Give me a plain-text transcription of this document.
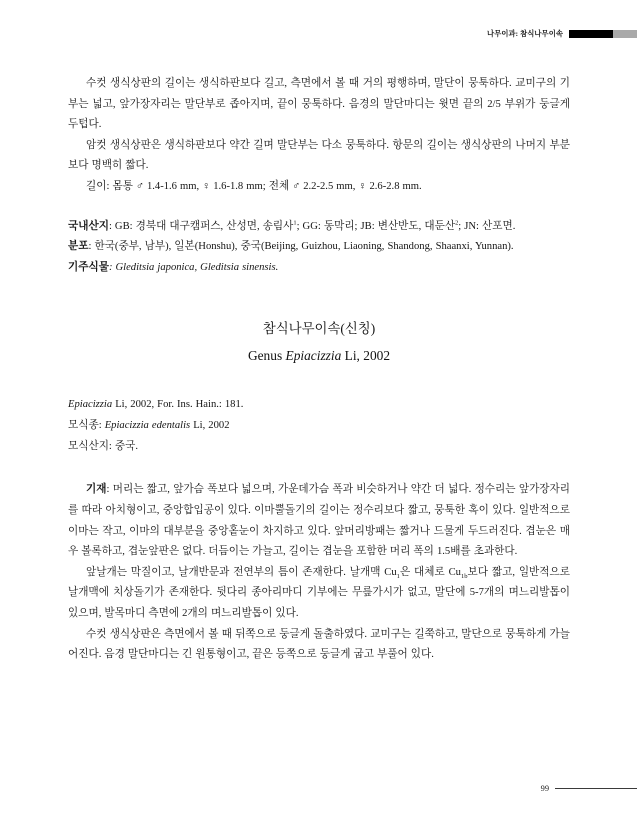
나무이과: 참식나무이속

수컷 생식상판의 길이는 생식하판보다 길고, 측면에서 볼 때 거의 평행하며, 말단이 뭉툭하다. 교미구의 기부는 넓고, 앞가장자리는 말단부로 좁아지며, 끝이 뭉툭하다. 음경의 말단마디는 윗면 끝의 2/5 부위가 둥글게 두텁다.

암컷 생식상판은 생식하판보다 약간 길며 말단부는 다소 뭉툭하다. 항문의 길이는 생식상판의 나머지 부분 보다 명백히 짧다.

길이: 몸통 ♂ 1.4-1.6 mm, ♀ 1.6-1.8 mm; 전체 ♂ 2.2-2.5 mm, ♀ 2.6-2.8 mm.

국내산지: GB: 경북대 대구캠퍼스, 산성면, 송림사$^1$; GG: 동막리; JB: 변산반도, 대둔산$^2$; JN: 산포면.

분포: 한국(중부, 남부), 일본(Honshu), 중국(Beijing, Guizhou, Liaoning, Shandong, Shaanxi, Yunnan).

기주식물: Gleditsia japonica, Gleditsia sinensis.

참식나무이속(신칭)
Genus Epiacizzia Li, 2002

Epiacizzia Li, 2002, For. Ins. Hain.: 181.

모식종: Epiacizzia edentalis Li, 2002

모식산지: 중국.

기재: 머리는 짧고, 앞가슴 폭보다 넓으며, 가운데가슴 폭과 비슷하거나 약간 더 넓다. 정수리는 앞가장자리를 따라 아치형이고, 중앙합입공이 있다. 이마뿔돌기의 길이는 정수리보다 짧고, 뭉툭한 혹이 있다. 일반적으로 이마는 작고, 이마의 대부분을 중앙홑눈이 차지하고 있다. 앞머리방패는 짧거나 드물게 두드러진다. 겹눈은 매우 볼록하고, 겹눈앞판은 없다. 더듬이는 가늘고, 길이는 겹눈을 포함한 머리 폭의 1.5배를 초과한다.

앞날개는 막질이고, 날개반문과 전연부의 틈이 존재한다. 날개맥 $Cu_1$은 대체로 $Cu_{1b}$보다 짧고, 일반적으로 날개맥에 치상돌기가 존재한다. 뒷다리 종아리마디 기부에는 무릎가시가 없고, 말단에 5-7개의 며느리발톱이 있으며, 발목마디 측면에 2개의 며느리발톱이 있다.

수컷 생식상판은 측면에서 볼 때 뒤쪽으로 둥글게 돌출하였다. 교미구는 길쭉하고, 말단으로 뭉툭하게 가늘어진다. 음경 말단마디는 긴 원통형이고, 끝은 등쪽으로 둥글게 굽고 부풀어 있다.

99
